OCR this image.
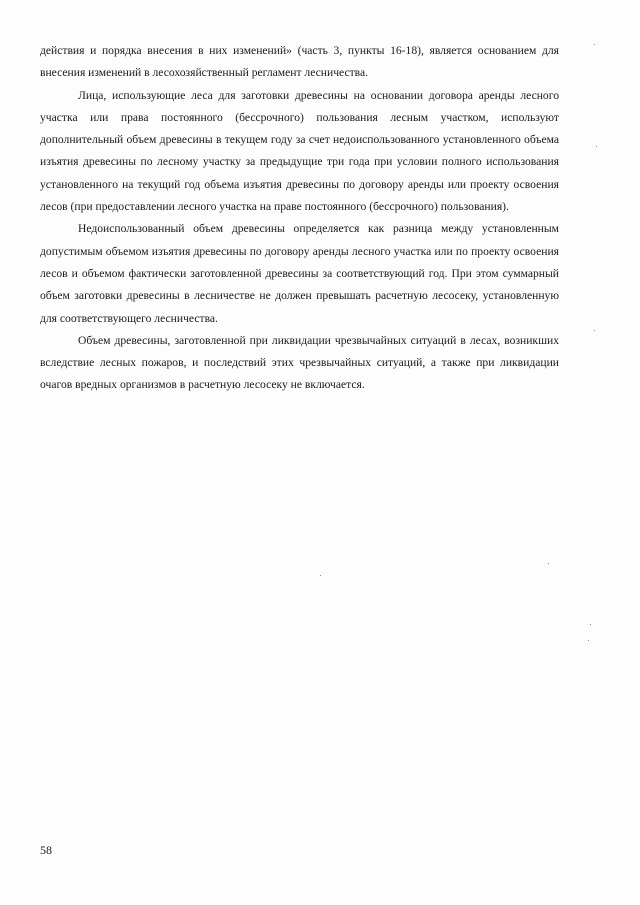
действия и порядка внесения в них изменений» (часть 3, пункты 16-18), является основанием для внесения изменений в лесохозяйственный регламент лесничества.

Лица, использующие леса для заготовки древесины на основании договора аренды лесного участка или права постоянного (бессрочного) пользования лесным участком, используют дополнительный объем древесины в текущем году за счет недоиспользованного установленного объема изъятия древесины по лесному участку за предыдущие три года при условии полного использования установленного на текущий год объема изъятия древесины по договору аренды или проекту освоения лесов (при предоставлении лесного участка на праве постоянного (бессрочного) пользования).

Недоиспользованный объем древесины определяется как разница между установленным допустимым объемом изъятия древесины по договору аренды лесного участка или по проекту освоения лесов и объемом фактически заготовленной древесины за соответствующий год. При этом суммарный объем заготовки древесины в лесничестве не должен превышать расчетную лесосеку, установленную для соответствующего лесничества.

Объем древесины, заготовленной при ликвидации чрезвычайных ситуаций в лесах, возникших вследствие лесных пожаров, и последствий этих чрезвычайных ситуаций, а также при ликвидации очагов вредных организмов в расчетную лесосеку не включается.

58
